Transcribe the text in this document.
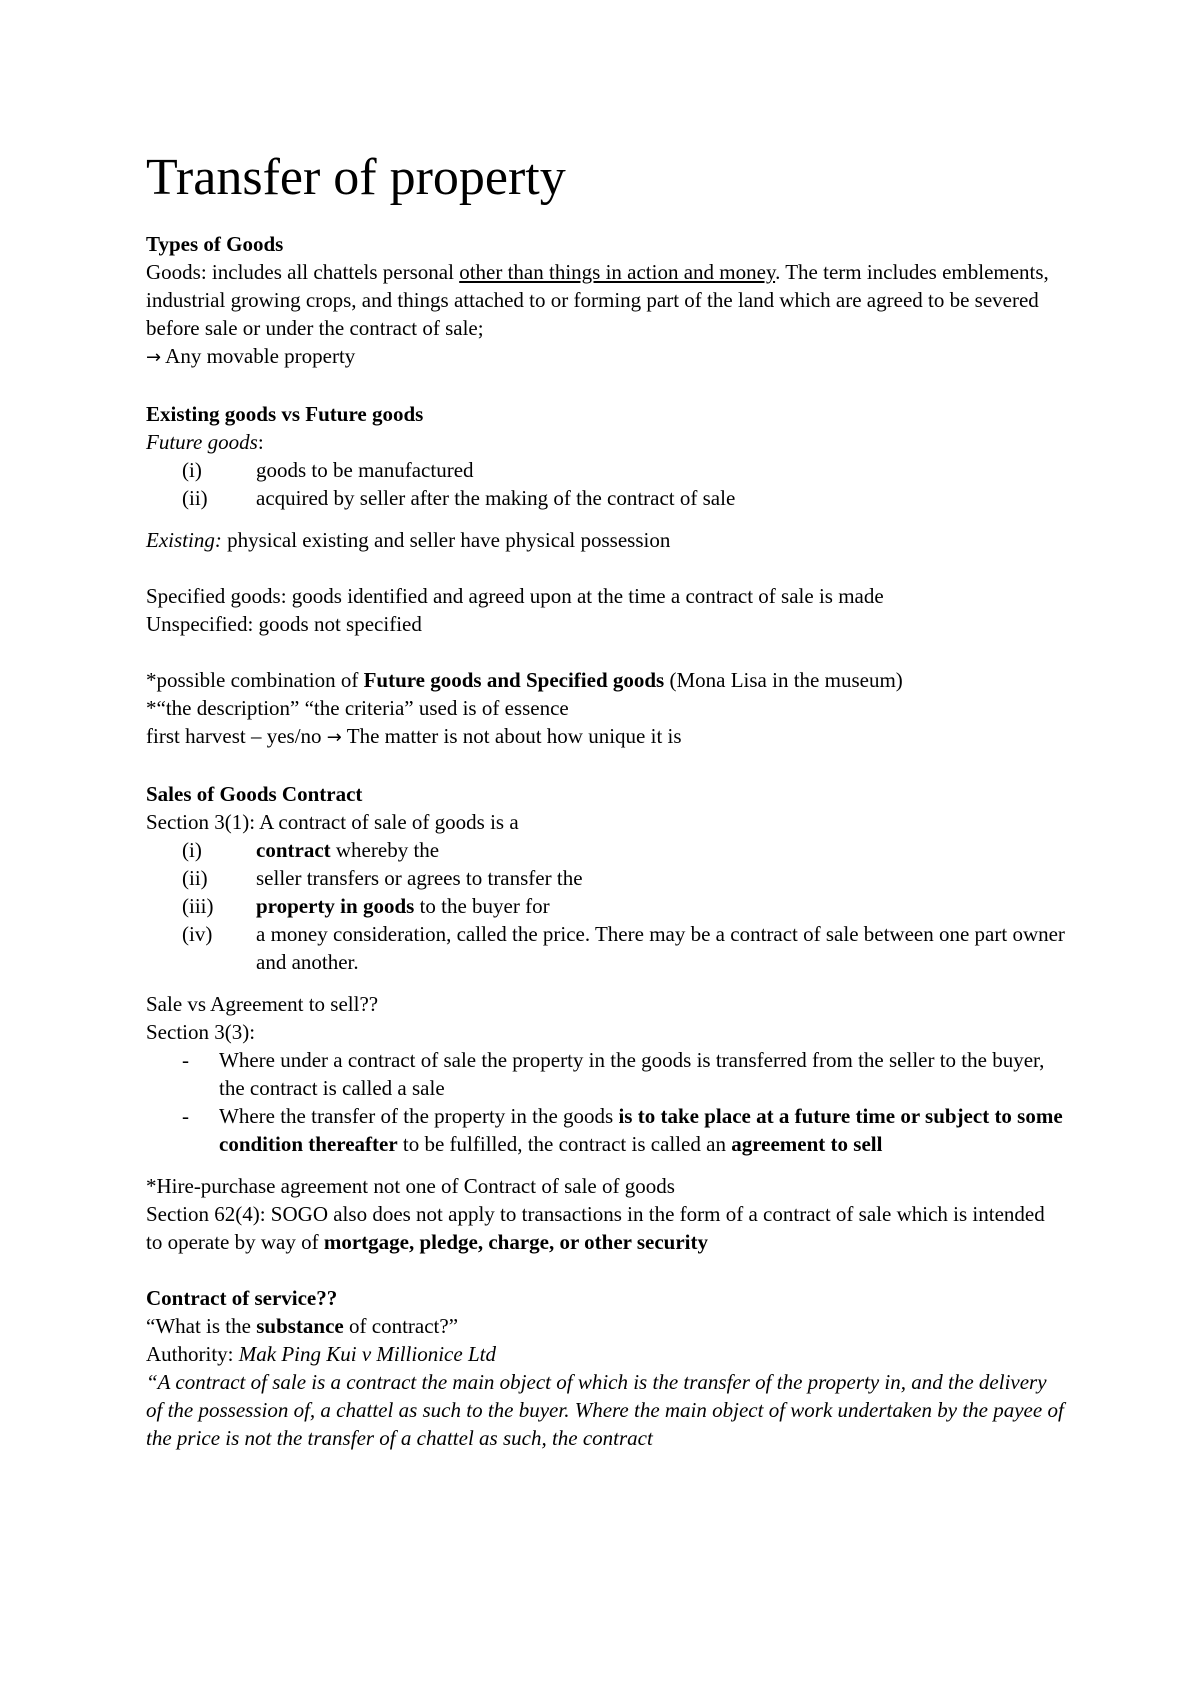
Transfer of property
Types of Goods
Goods: includes all chattels personal other than things in action and money. The term includes emblements, industrial growing crops, and things attached to or forming part of the land which are agreed to be severed before sale or under the contract of sale;
→ Any movable property
Existing goods vs Future goods
Future goods:
(i)	goods to be manufactured
(ii)	acquired by seller after the making of the contract of sale
Existing: physical existing and seller have physical possession
Specified goods: goods identified and agreed upon at the time a contract of sale is made
Unspecified: goods not specified
*possible combination of Future goods and Specified goods (Mona Lisa in the museum)
*“the description” “the criteria” used is of essence
first harvest – yes/no → The matter is not about how unique it is
Sales of Goods Contract
Section 3(1): A contract of sale of goods is a
(i)	contract whereby the
(ii)	seller transfers or agrees to transfer the
(iii)	property in goods to the buyer for
(iv)	a money consideration, called the price. There may be a contract of sale between one part owner and another.
Sale vs Agreement to sell??
Section 3(3):
-	Where under a contract of sale the property in the goods is transferred from the seller to the buyer, the contract is called a sale
-	Where the transfer of the property in the goods is to take place at a future time or subject to some condition thereafter to be fulfilled, the contract is called an agreement to sell
*Hire-purchase agreement not one of Contract of sale of goods
Section 62(4): SOGO also does not apply to transactions in the form of a contract of sale which is intended to operate by way of mortgage, pledge, charge, or other security
Contract of service??
“What is the substance of contract?”
Authority: Mak Ping Kui v Millionice Ltd
“A contract of sale is a contract the main object of which is the transfer of the property in, and the delivery of the possession of, a chattel as such to the buyer. Where the main object of work undertaken by the payee of the price is not the transfer of a chattel as such, the contract
